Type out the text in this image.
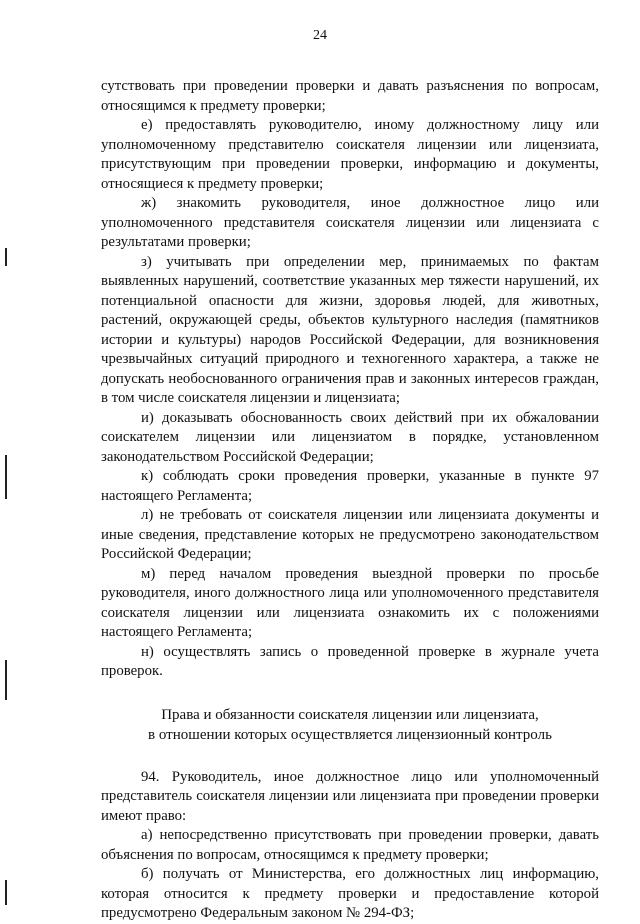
24

сутствовать при проведении проверки и давать разъяснения по вопросам, относящимся к предмету проверки;

е) предоставлять руководителю, иному должностному лицу или уполномоченному представителю соискателя лицензии или лицензиата, присутствующим при проведении проверки, информацию и документы, относящиеся к предмету проверки;

ж) знакомить руководителя, иное должностное лицо или уполномоченного представителя соискателя лицензии или лицензиата с результатами проверки;

з) учитывать при определении мер, принимаемых по фактам выявленных нарушений, соответствие указанных мер тяжести нарушений, их потенциальной опасности для жизни, здоровья людей, для животных, растений, окружающей среды, объектов культурного наследия (памятников истории и культуры) народов Российской Федерации, для возникновения чрезвычайных ситуаций природного и техногенного характера, а также не допускать необоснованного ограничения прав и законных интересов граждан, в том числе соискателя лицензии и лицензиата;

и) доказывать обоснованность своих действий при их обжаловании соискателем лицензии или лицензиатом в порядке, установленном законодательством Российской Федерации;

к) соблюдать сроки проведения проверки, указанные в пункте 97 настоящего Регламента;

л) не требовать от соискателя лицензии или лицензиата документы и иные сведения, представление которых не предусмотрено законодательством Российской Федерации;

м) перед началом проведения выездной проверки по просьбе руководителя, иного должностного лица или уполномоченного представителя соискателя лицензии или лицензиата ознакомить их с положениями настоящего Регламента;

н) осуществлять запись о проведенной проверке в журнале учета проверок.

Права и обязанности соискателя лицензии или лицензиата,
в отношении которых осуществляется лицензионный контроль

94. Руководитель, иное должностное лицо или уполномоченный представитель соискателя лицензии или лицензиата при проведении проверки имеют право:

а) непосредственно присутствовать при проведении проверки, давать объяснения по вопросам, относящимся к предмету проверки;

б) получать от Министерства, его должностных лиц информацию, которая относится к предмету проверки и предоставление которой предусмотрено Федеральным законом № 294-ФЗ;
